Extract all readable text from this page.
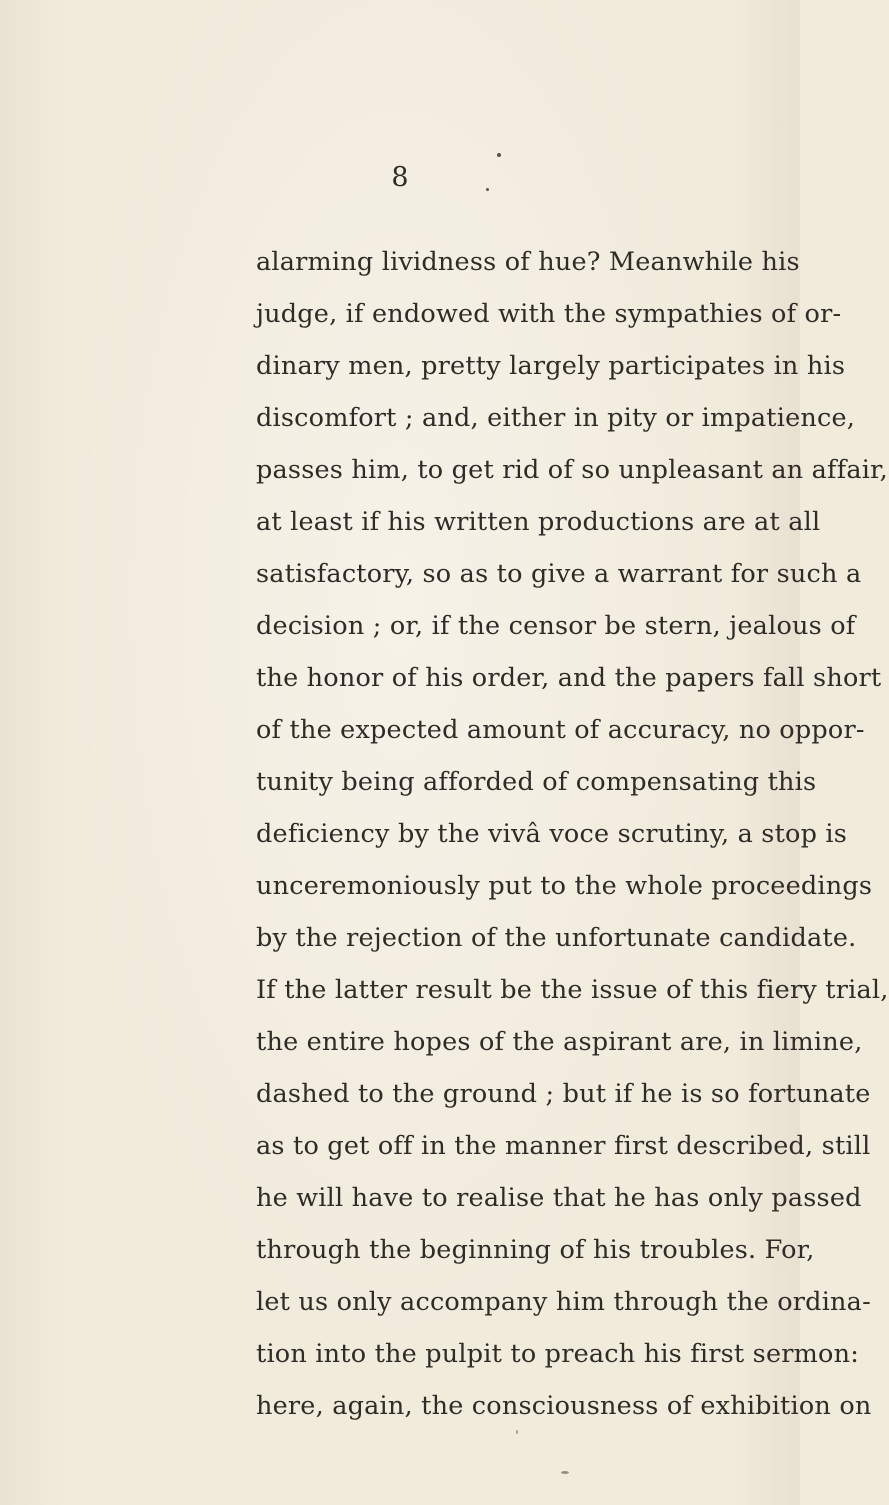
8
alarming lividness of hue? Meanwhile his
judge, if endowed with the sympathies of or-
dinary men, pretty largely participates in his
discomfort ; and, either in pity or impatience,
passes him, to get rid of so unpleasant an affair,
at least if his written productions are at all
satisfactory, so as to give a warrant for such a
decision ; or, if the censor be stern, jealous of
the honor of his order, and the papers fall short
of the expected amount of accuracy, no oppor-
tunity being afforded of compensating this
deficiency by the vivâ voce scrutiny, a stop is
unceremoniously put to the whole proceedings
by the rejection of the unfortunate candidate.
If the latter result be the issue of this fiery trial,
the entire hopes of the aspirant are, in limine,
dashed to the ground ; but if he is so fortunate
as to get off in the manner first described, still
he will have to realise that he has only passed
through the beginning of his troubles. For,
let us only accompany him through the ordina-
tion into the pulpit to preach his first sermon:
here, again, the consciousness of exhibition on
